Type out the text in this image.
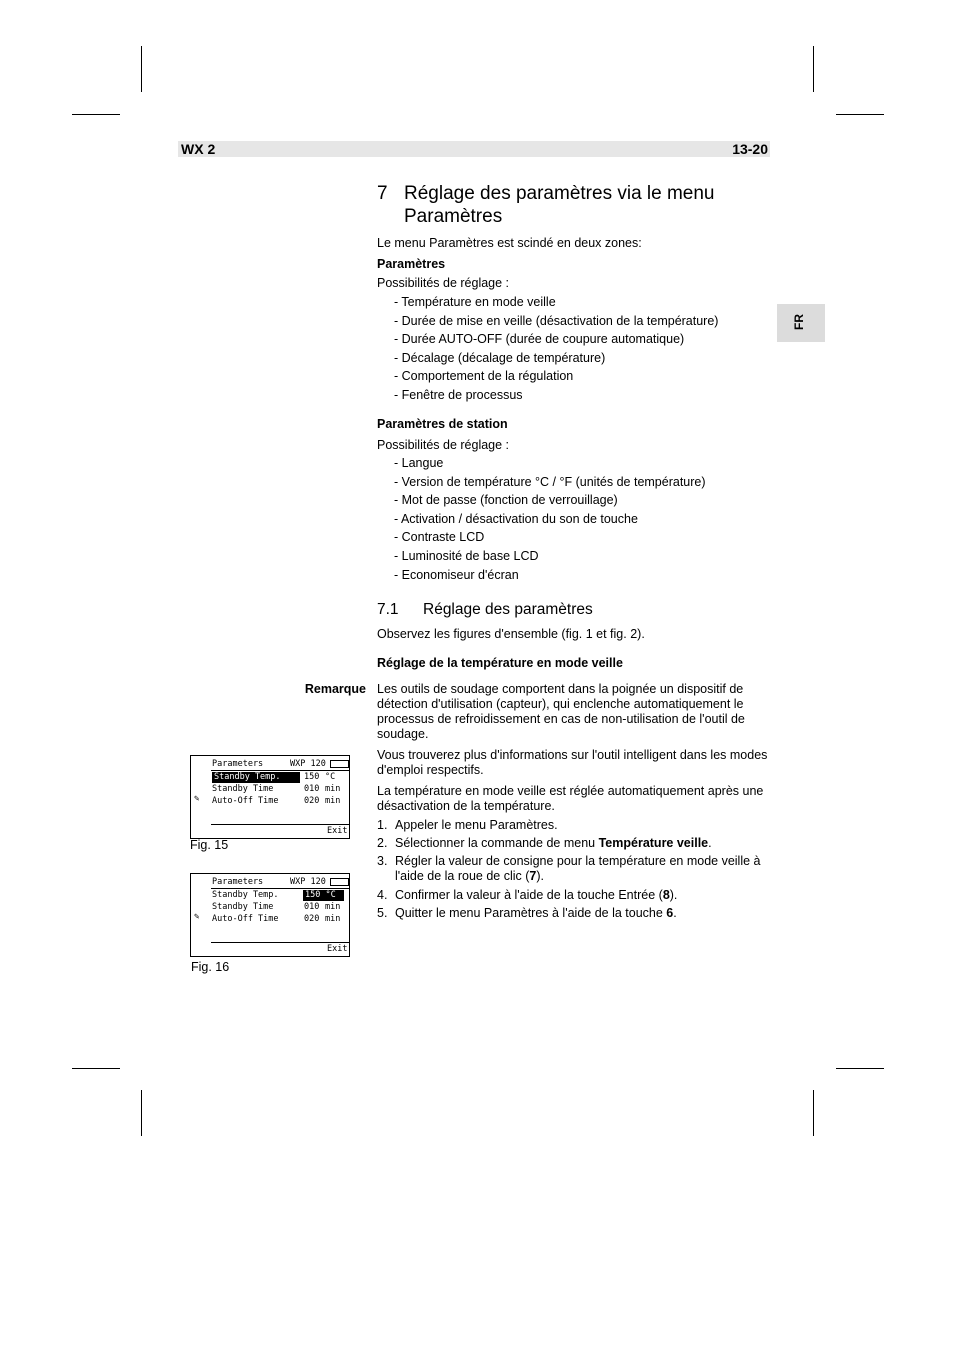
WX 2	13-20
FR
7 Réglage des paramètres via le menu
Paramètres
Le menu Paramètres est scindé en deux zones:
Paramètres
Possibilités de réglage :
- Température en mode veille
- Durée de mise en veille (désactivation de la température)
- Durée AUTO-OFF (durée de coupure automatique)
- Décalage (décalage de température)
- Comportement de la régulation
- Fenêtre de processus
Paramètres de station
Possibilités de réglage :
- Langue
- Version de température °C / °F (unités de température)
- Mot de passe (fonction de verrouillage)
- Activation / désactivation du son de touche
- Contraste LCD
- Luminosité de base LCD
- Economiseur d'écran
7.1 Réglage des paramètres
Observez les figures d'ensemble (fig. 1 et fig. 2).
Réglage de la température en mode veille
Remarque Les outils de soudage comportent dans la poignée un dispositif de détection d'utilisation (capteur), qui enclenche automatiquement le processus de refroidissement en cas de non-utilisation de l'outil de soudage.
Vous trouverez plus d'informations sur l'outil intelligent dans les modes d'emploi respectifs.
La température en mode veille est réglée automatiquement après une désactivation de la température.
1. Appeler le menu Paramètres.
2. Sélectionner la commande de menu Température veille.
3. Régler la valeur de consigne pour la température en mode veille à l'aide de la roue de clic (7).
4. Confirmer la valeur à l'aide de la touche Entrée (8).
5. Quitter le menu Paramètres à l'aide de la touche 6.
Parameters	WXP 120
Standby Temp.	150 °C
Standby Time	010 min
Auto-Off Time	020 min
✎
Exit
Fig. 15
Parameters	WXP 120
Standby Temp.	150 °C
Standby Time	010 min
Auto-Off Time	020 min
✎
Exit
Fig. 16
